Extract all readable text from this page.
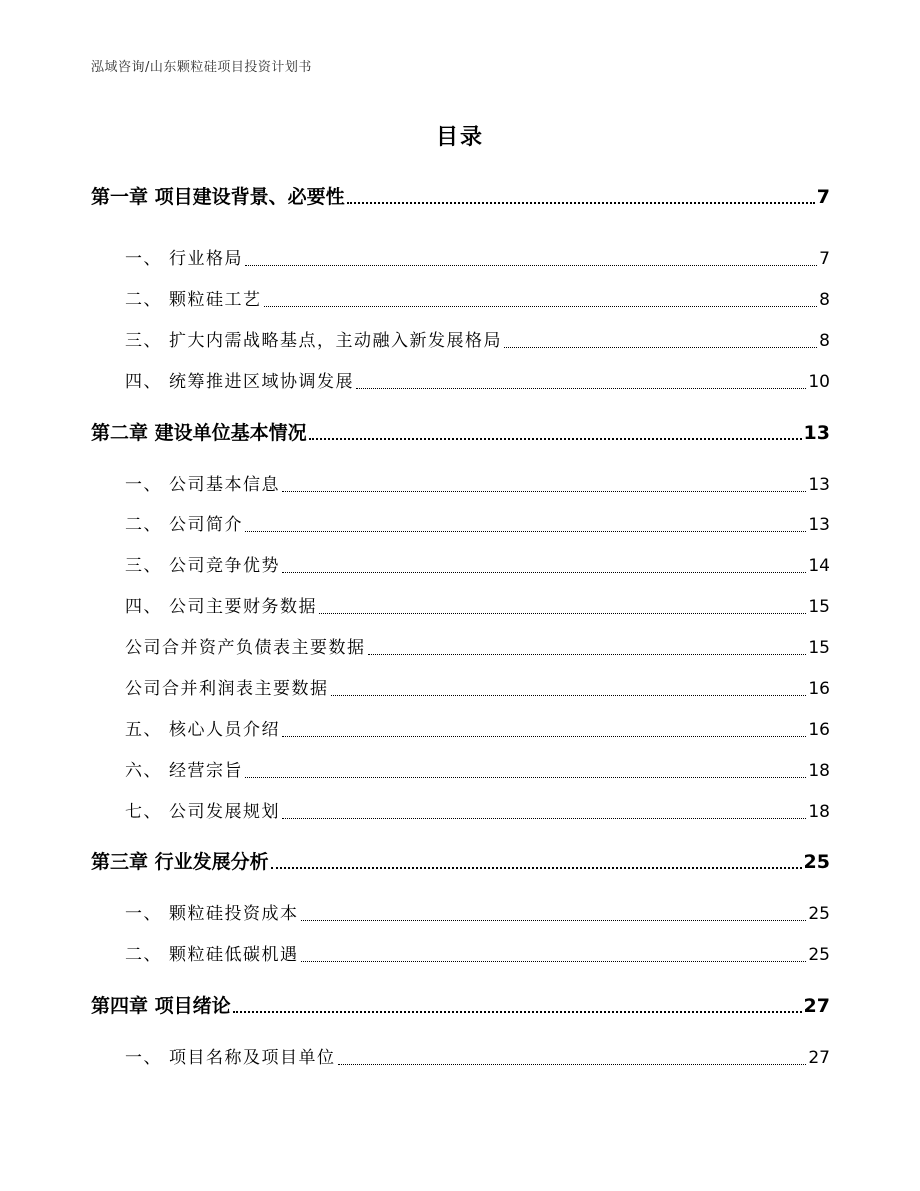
泓域咨询/山东颗粒硅项目投资计划书
目录
第一章 项目建设背景、必要性	7
一、 行业格局	7
二、 颗粒硅工艺	8
三、 扩大内需战略基点，主动融入新发展格局	8
四、 统筹推进区域协调发展	10
第二章 建设单位基本情况	13
一、 公司基本信息	13
二、 公司简介	13
三、 公司竞争优势	14
四、 公司主要财务数据	15
公司合并资产负债表主要数据	15
公司合并利润表主要数据	16
五、 核心人员介绍	16
六、 经营宗旨	18
七、 公司发展规划	18
第三章 行业发展分析	25
一、 颗粒硅投资成本	25
二、 颗粒硅低碳机遇	25
第四章 项目绪论	27
一、 项目名称及项目单位	27
